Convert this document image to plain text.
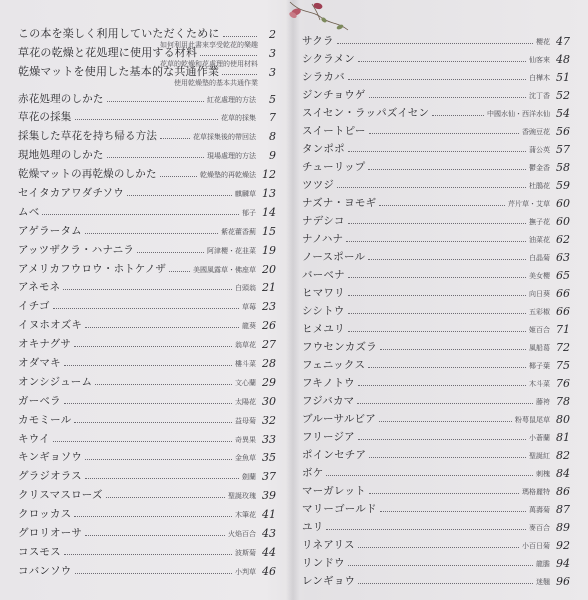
この本を楽しく利用していただくために	2
如何利用此書來享受乾花的樂趣
草花の乾燥と花処理に使用する材料	3
花草的乾燥和花處理的使用材料
乾燥マットを使用した基本的な共通作業	3
使用乾燥墊的基本共通作業
赤花処理のしかた	紅花處理的方法	5
草花の採集	花草的採集	7
採集した草花を持ち帰る方法	花草採集後的帶回法	8
現地処理のしかた	現場處理的方法	9
乾燥マットの再乾燥のしかた	乾燥墊的再乾燥法 12
セイタカアワダチソウ	麒麟草 13
ムベ	郁子 14
アゲラータム	紫花藿香薊 15
アッツザクラ・ハナニラ	阿津櫻・花韭菜 19
アメリカフウロウ・ホトケノザ	美國風露草・佛座草 20
アネモネ	白頭翁 21
イチゴ	草莓 23
イヌホオズキ	龍葵 26
オキナグサ	翁草花 27
オダマキ	樓斗菜 28
オンシジューム	文心蘭 29
ガーベラ	太陽花 30
カモミール	益母菊 32
キウイ	奇異果 33
キンギョソウ	金魚草 35
グラジオラス	劍蘭 37
クリスマスローズ	聖誕玫瑰 39
クロッカス	木筆花 41
グロリオーサ	火焰百合 43
コスモス	波斯菊 44
コバンソウ	小判草 46
サクラ	櫻花 47
シクラメン	仙客來 48
シラカバ	白樺木 51
ジンチョウゲ	沈丁香 52
スイセン・ラッパズイセン	中國水仙・西洋水仙 54
スイートピー	香豌豆花 56
タンポポ	蒲公英 57
チューリップ	鬱金香 58
ツツジ	杜鵑花 59
ナズナ・ヨモギ	芹片草・艾草 60
ナデシコ	撫子花 60
ナノハナ	油菜花 62
ノースポール	白晶菊 63
バーベナ	美女櫻 65
ヒマワリ	向日葵 66
シシトウ	五彩椒 66
ヒメユリ	姬百合 71
フウセンカズラ	風船葛 72
フェニックス	椰子葉 75
フキノトウ	木斗菜 76
フジバカマ	藤袴 78
ブルーサルビア	粉萼鼠尾草 80
フリージア	小蒼蘭 81
ポインセチア	聖誕紅 82
ボケ	刺槐 84
マーガレット	瑪格麗特 86
マリーゴールド	萬壽菊 87
ユリ	麥百合 89
リネアリス	小百日菊 92
リンドウ	龍膽 94
レンギョウ	迷翹 96
